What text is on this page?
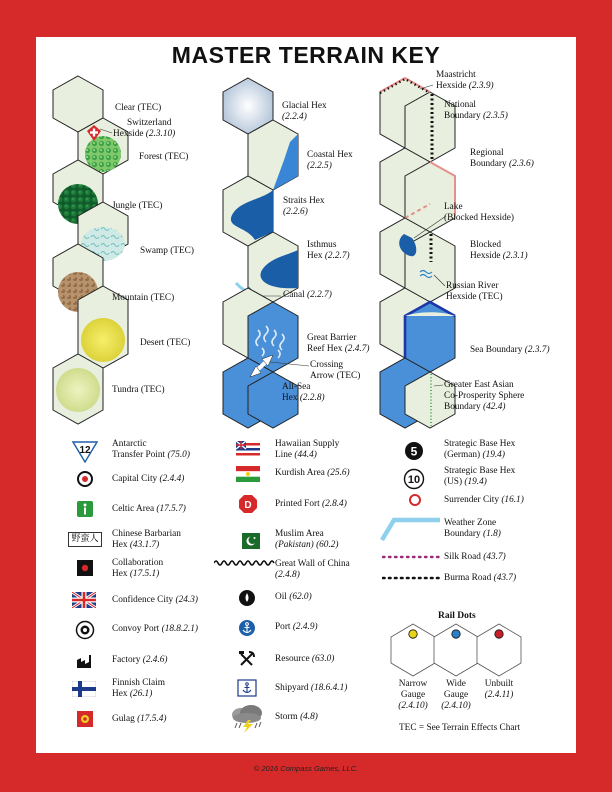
MASTER TERRAIN KEY
Clear (TEC)
Switzerland
Hexside (2.3.10)
Forest (TEC)
Jungle (TEC)
Swamp (TEC)
Mountain (TEC)
Desert (TEC)
Tundra (TEC)
Glacial Hex
(2.2.4)
Coastal Hex
(2.2.5)
Straits Hex
(2.2.6)
Isthmus
Hex (2.2.7)
Canal (2.2.7)
Great Barrier
Reef Hex (2.4.7)
Crossing
Arrow (TEC)
All-Sea
Hex (2.2.8)
Maastricht
Hexside (2.3.9)
National
Boundary (2.3.5)
Regional
Boundary (2.3.6)
Lake
(Blocked Hexside)
Blocked
Hexside (2.3.1)
Russian River
Hexside (TEC)
Sea Boundary (2.3.7)
Greater East Asian
Co-Prosperity Sphere
Boundary (42.4)
12
Antarctic
Transfer Point (75.0)
Capital City (2.4.4)
Celtic Area (17.5.7)
野蛮人	Chinese Barbarian
Hex (43.1.7)
Collaboration
Hex (17.5.1)
Confidence City (24.3)
Convoy Port (18.8.2.1)
Factory (2.4.6)
Finnish Claim
Hex (26.1)
Gulag (17.5.4)
Hawaiian Supply
Line (44.4)
Kurdish Area (25.6)
D	Printed Fort (2.8.4)
Muslim Area
(Pakistan) (60.2)
Great Wall of China
(2.4.8)
Oil (62.0)
Port (2.4.9)
Resource (63.0)
Shipyard (18.6.4.1)
Storm (4.8)
5
Strategic Base Hex
(German) (19.4)
10
Strategic Base Hex
(US) (19.4)
Surrender City (16.1)
Weather Zone
Boundary (1.8)
Silk Road (43.7)
Burma Road (43.7)
Rail Dots
Narrow
Gauge
(2.4.10)
Wide
Gauge
(2.4.10)
Unbuilt
(2.4.11)
TEC = See Terrain Effects Chart
© 2016 Compass Games, LLC.
